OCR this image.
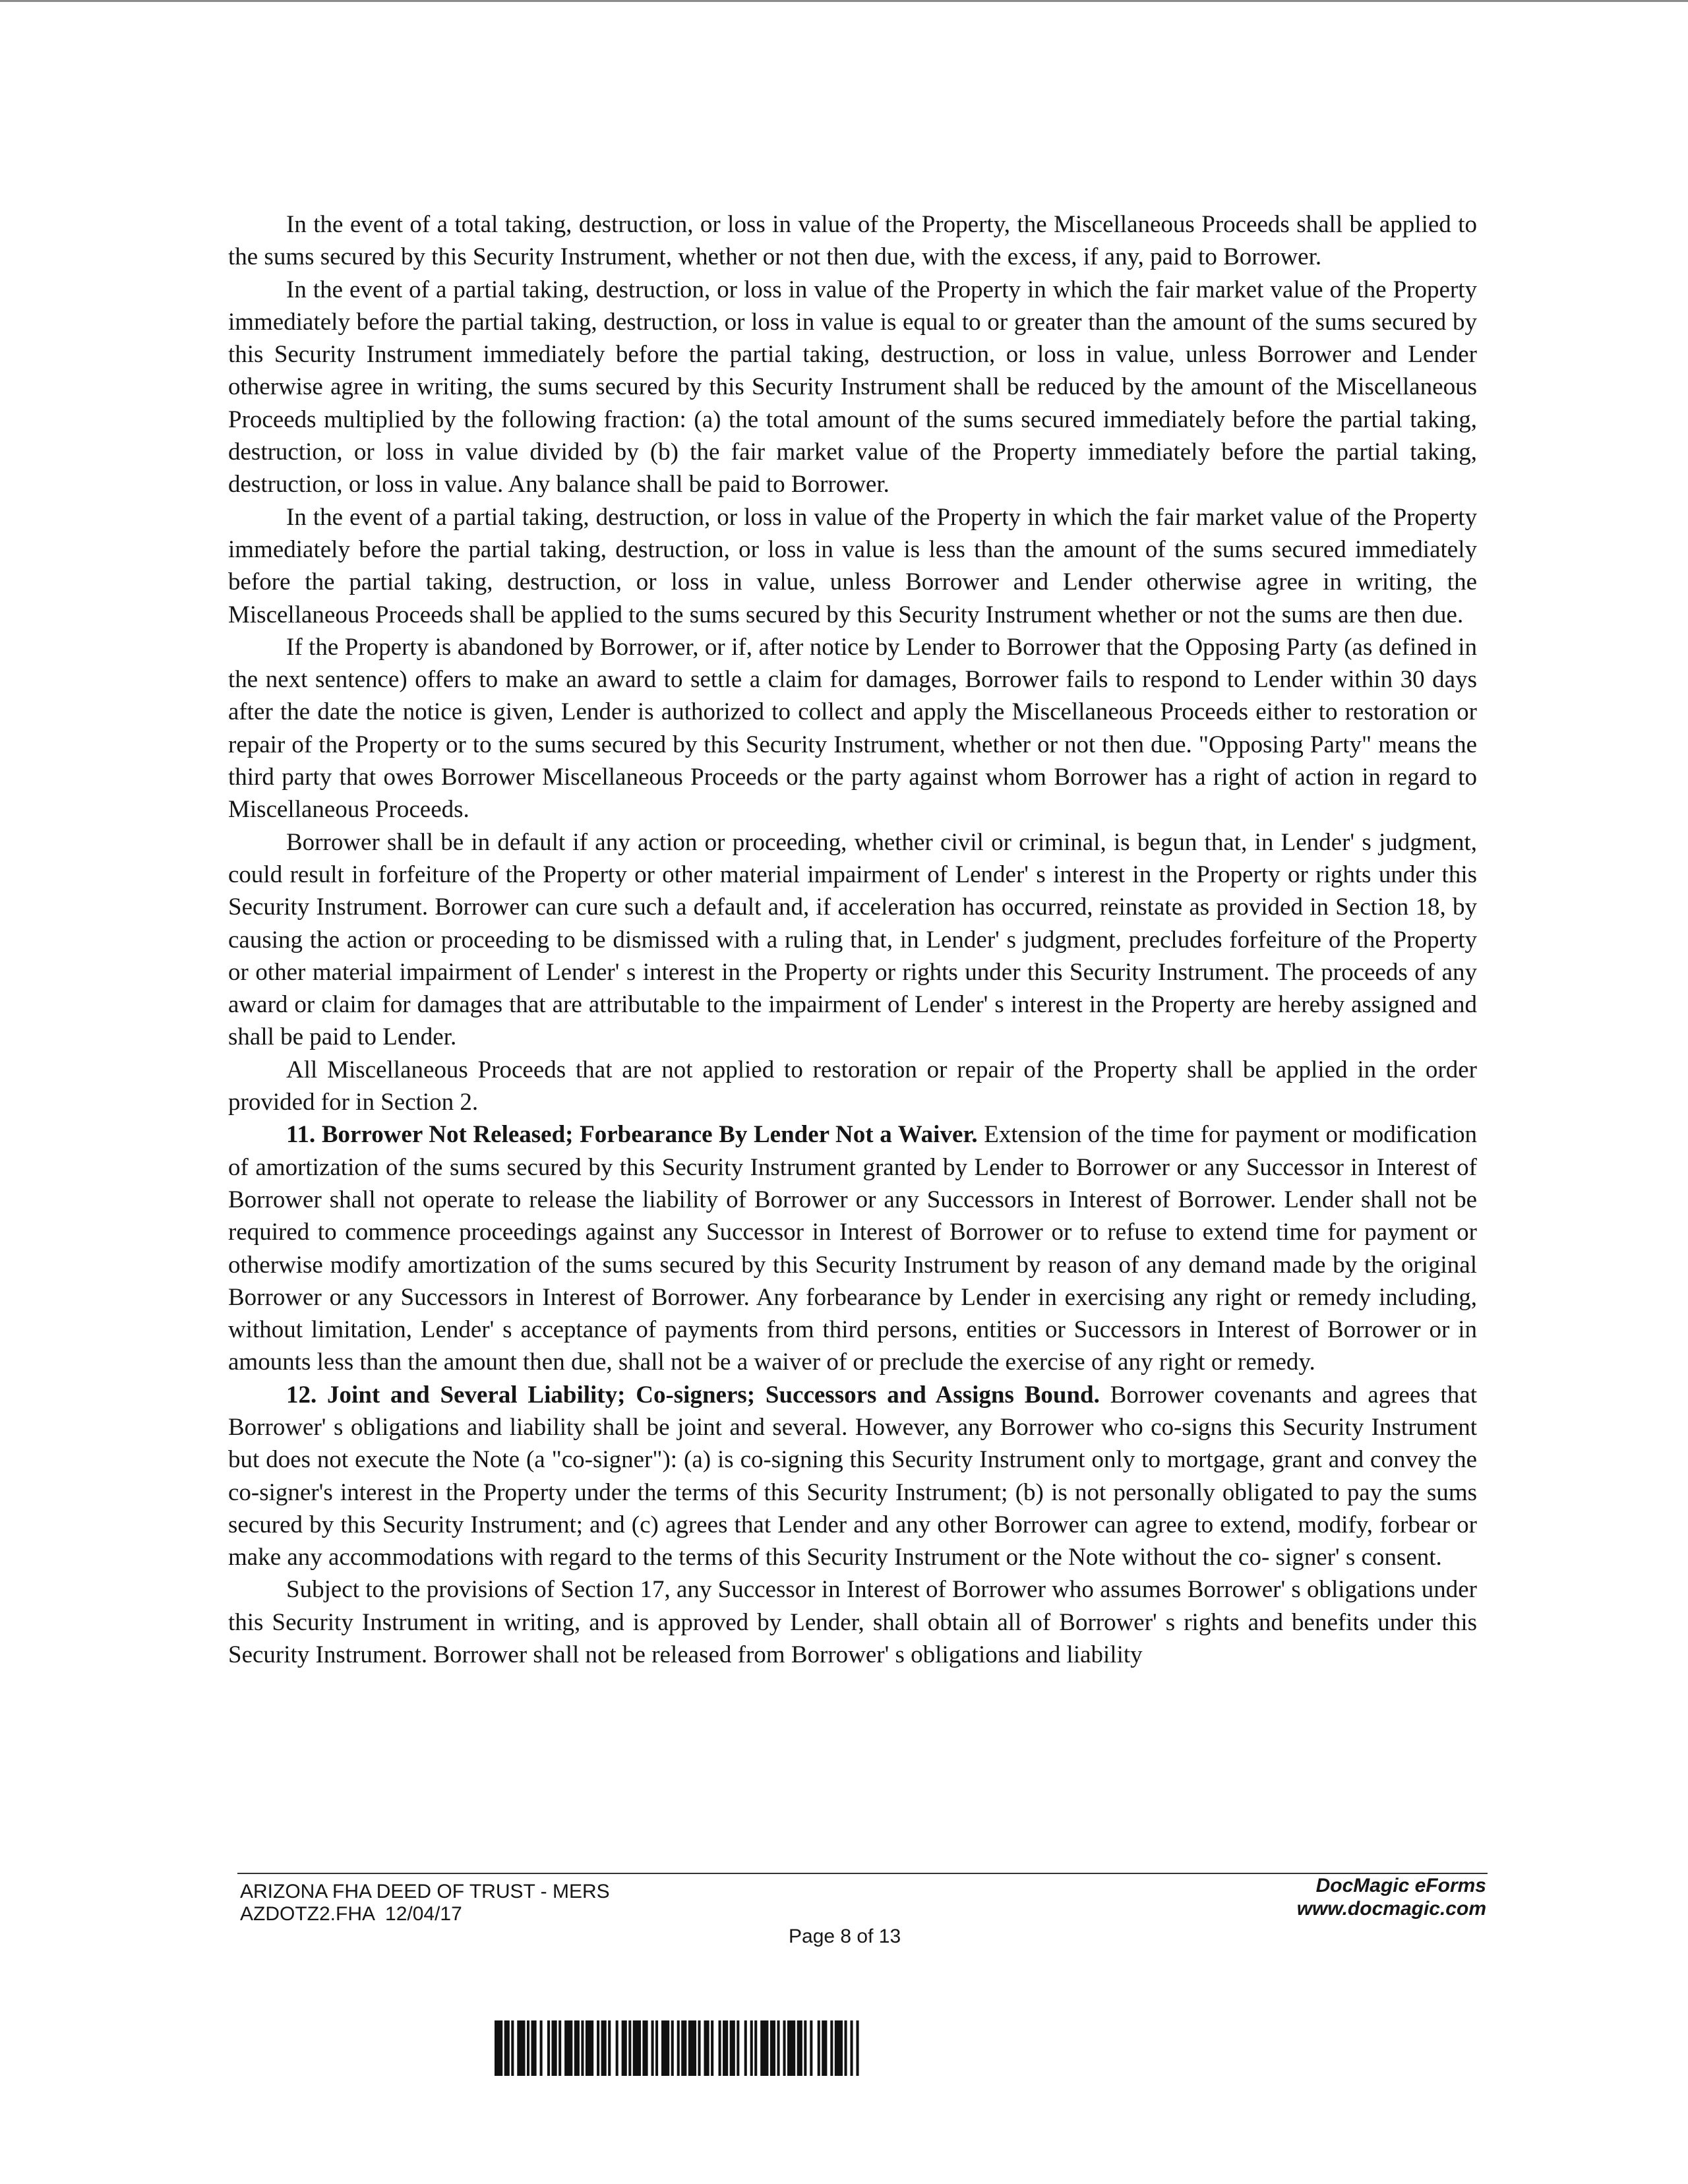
In the event of a total taking, destruction, or loss in value of the Property, the Miscellaneous Proceeds shall be applied to the sums secured by this Security Instrument, whether or not then due, with the excess, if any, paid to Borrower.

In the event of a partial taking, destruction, or loss in value of the Property in which the fair market value of the Property immediately before the partial taking, destruction, or loss in value is equal to or greater than the amount of the sums secured by this Security Instrument immediately before the partial taking, destruction, or loss in value, unless Borrower and Lender otherwise agree in writing, the sums secured by this Security Instrument shall be reduced by the amount of the Miscellaneous Proceeds multiplied by the following fraction: (a) the total amount of the sums secured immediately before the partial taking, destruction, or loss in value divided by (b) the fair market value of the Property immediately before the partial taking, destruction, or loss in value. Any balance shall be paid to Borrower.

In the event of a partial taking, destruction, or loss in value of the Property in which the fair market value of the Property immediately before the partial taking, destruction, or loss in value is less than the amount of the sums secured immediately before the partial taking, destruction, or loss in value, unless Borrower and Lender otherwise agree in writing, the Miscellaneous Proceeds shall be applied to the sums secured by this Security Instrument whether or not the sums are then due.

If the Property is abandoned by Borrower, or if, after notice by Lender to Borrower that the Opposing Party (as defined in the next sentence) offers to make an award to settle a claim for damages, Borrower fails to respond to Lender within 30 days after the date the notice is given, Lender is authorized to collect and apply the Miscellaneous Proceeds either to restoration or repair of the Property or to the sums secured by this Security Instrument, whether or not then due. "Opposing Party" means the third party that owes Borrower Miscellaneous Proceeds or the party against whom Borrower has a right of action in regard to Miscellaneous Proceeds.

Borrower shall be in default if any action or proceeding, whether civil or criminal, is begun that, in Lender' s judgment, could result in forfeiture of the Property or other material impairment of Lender' s interest in the Property or rights under this Security Instrument. Borrower can cure such a default and, if acceleration has occurred, reinstate as provided in Section 18, by causing the action or proceeding to be dismissed with a ruling that, in Lender' s judgment, precludes forfeiture of the Property or other material impairment of Lender' s interest in the Property or rights under this Security Instrument. The proceeds of any award or claim for damages that are attributable to the impairment of Lender' s interest in the Property are hereby assigned and shall be paid to Lender.

All Miscellaneous Proceeds that are not applied to restoration or repair of the Property shall be applied in the order provided for in Section 2.

11. Borrower Not Released; Forbearance By Lender Not a Waiver. Extension of the time for payment or modification of amortization of the sums secured by this Security Instrument granted by Lender to Borrower or any Successor in Interest of Borrower shall not operate to release the liability of Borrower or any Successors in Interest of Borrower. Lender shall not be required to commence proceedings against any Successor in Interest of Borrower or to refuse to extend time for payment or otherwise modify amortization of the sums secured by this Security Instrument by reason of any demand made by the original Borrower or any Successors in Interest of Borrower. Any forbearance by Lender in exercising any right or remedy including, without limitation, Lender' s acceptance of payments from third persons, entities or Successors in Interest of Borrower or in amounts less than the amount then due, shall not be a waiver of or preclude the exercise of any right or remedy.

12. Joint and Several Liability; Co-signers; Successors and Assigns Bound. Borrower covenants and agrees that Borrower' s obligations and liability shall be joint and several. However, any Borrower who co-signs this Security Instrument but does not execute the Note (a "co-signer"): (a) is co-signing this Security Instrument only to mortgage, grant and convey the co-signer's interest in the Property under the terms of this Security Instrument; (b) is not personally obligated to pay the sums secured by this Security Instrument; and (c) agrees that Lender and any other Borrower can agree to extend, modify, forbear or make any accommodations with regard to the terms of this Security Instrument or the Note without the co- signer' s consent.

Subject to the provisions of Section 17, any Successor in Interest of Borrower who assumes Borrower' s obligations under this Security Instrument in writing, and is approved by Lender, shall obtain all of Borrower' s rights and benefits under this Security Instrument. Borrower shall not be released from Borrower' s obligations and liability

ARIZONA FHA DEED OF TRUST - MERS
AZDOTZ2.FHA  12/04/17
DocMagic eForms
www.docmagic.com
Page 8 of 13
